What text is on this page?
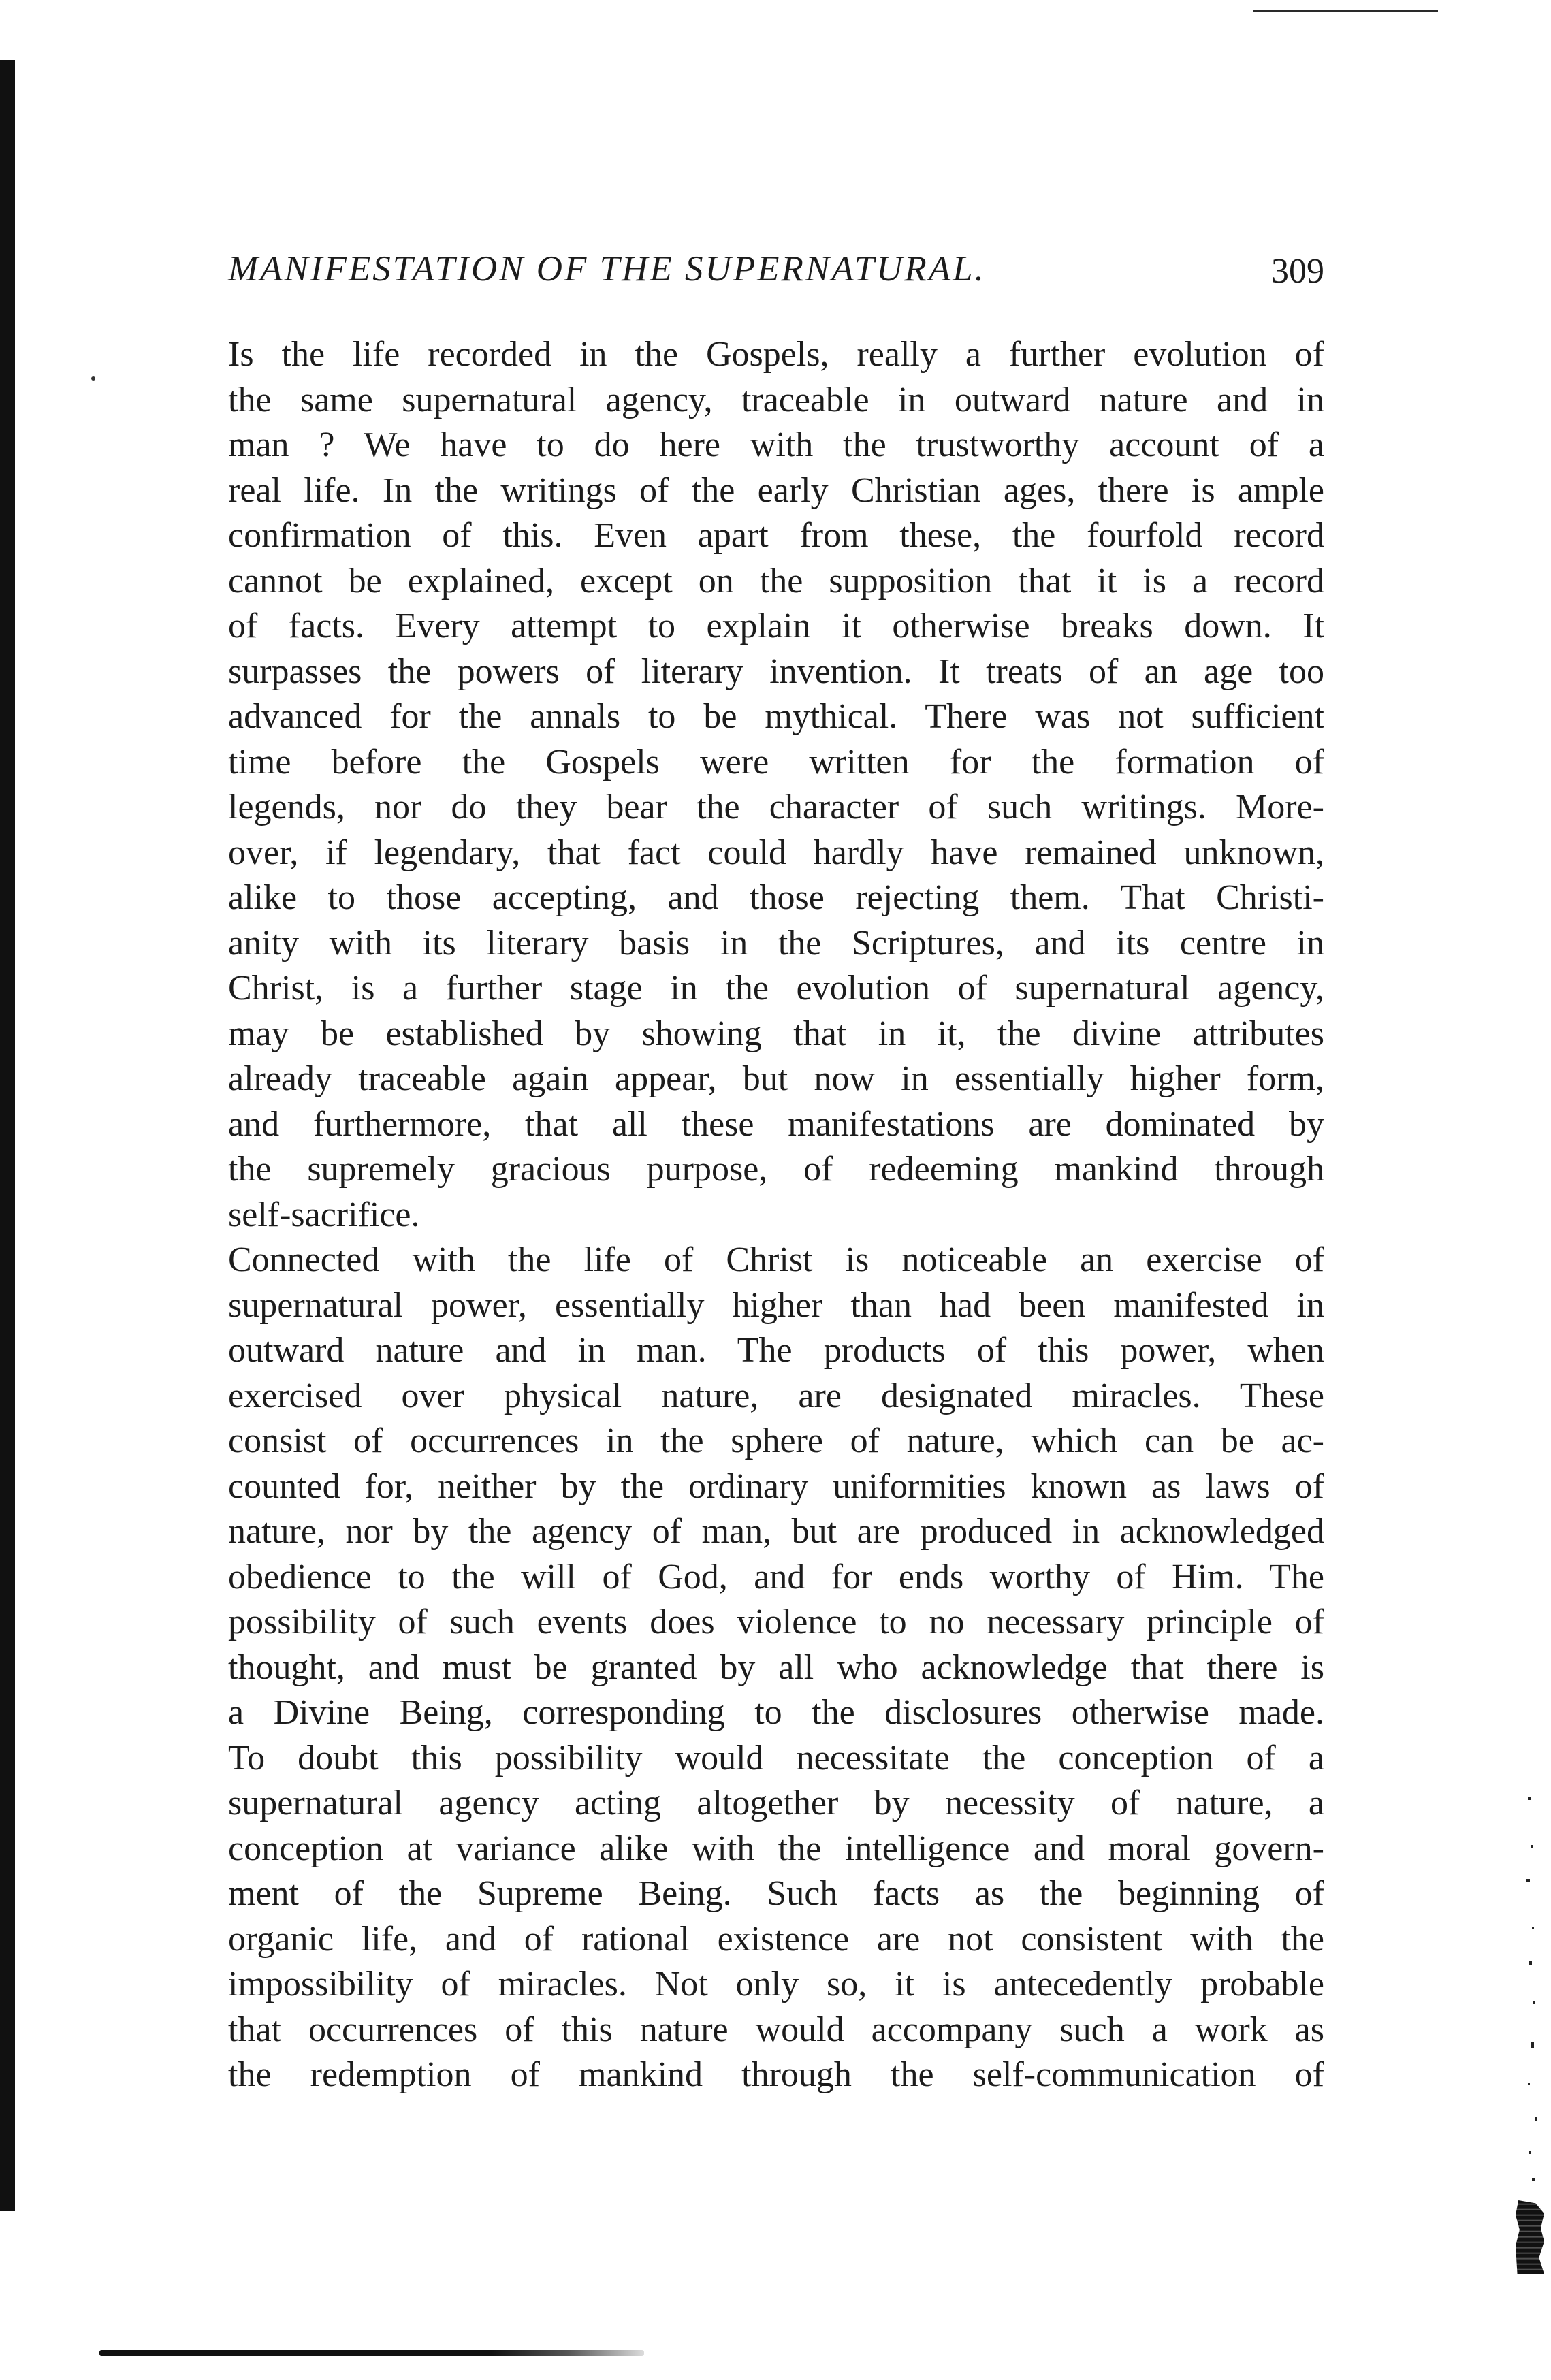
MANIFESTATION OF THE SUPERNATURAL.	309

Is the life recorded in the Gospels, really a further evolution of
the same supernatural agency, traceable in outward nature and in
man ? We have to do here with the trustworthy account of a
real life. In the writings of the early Christian ages, there is ample
confirmation of this. Even apart from these, the fourfold record
cannot be explained, except on the supposition that it is a record
of facts. Every attempt to explain it otherwise breaks down. It
surpasses the powers of literary invention. It treats of an age too
advanced for the annals to be mythical. There was not sufficient
time before the Gospels were written for the formation of
legends, nor do they bear the character of such writings. More-
over, if legendary, that fact could hardly have remained unknown,
alike to those accepting, and those rejecting them. That Christi-
anity with its literary basis in the Scriptures, and its centre in
Christ, is a further stage in the evolution of supernatural agency,
may be established by showing that in it, the divine attributes
already traceable again appear, but now in essentially higher form,
and furthermore, that all these manifestations are dominated by
the supremely gracious purpose, of redeeming mankind through
self-sacrifice.

Connected with the life of Christ is noticeable an exercise of
supernatural power, essentially higher than had been manifested in
outward nature and in man. The products of this power, when
exercised over physical nature, are designated miracles. These
consist of occurrences in the sphere of nature, which can be ac-
counted for, neither by the ordinary uniformities known as laws of
nature, nor by the agency of man, but are produced in acknowledged
obedience to the will of God, and for ends worthy of Him. The
possibility of such events does violence to no necessary principle of
thought, and must be granted by all who acknowledge that there is
a Divine Being, corresponding to the disclosures otherwise made.
To doubt this possibility would necessitate the conception of a
supernatural agency acting altogether by necessity of nature, a
conception at variance alike with the intelligence and moral govern-
ment of the Supreme Being. Such facts as the beginning of
organic life, and of rational existence are not consistent with the
impossibility of miracles. Not only so, it is antecedently probable
that occurrences of this nature would accompany such a work as
the redemption of mankind through the self-communication of
